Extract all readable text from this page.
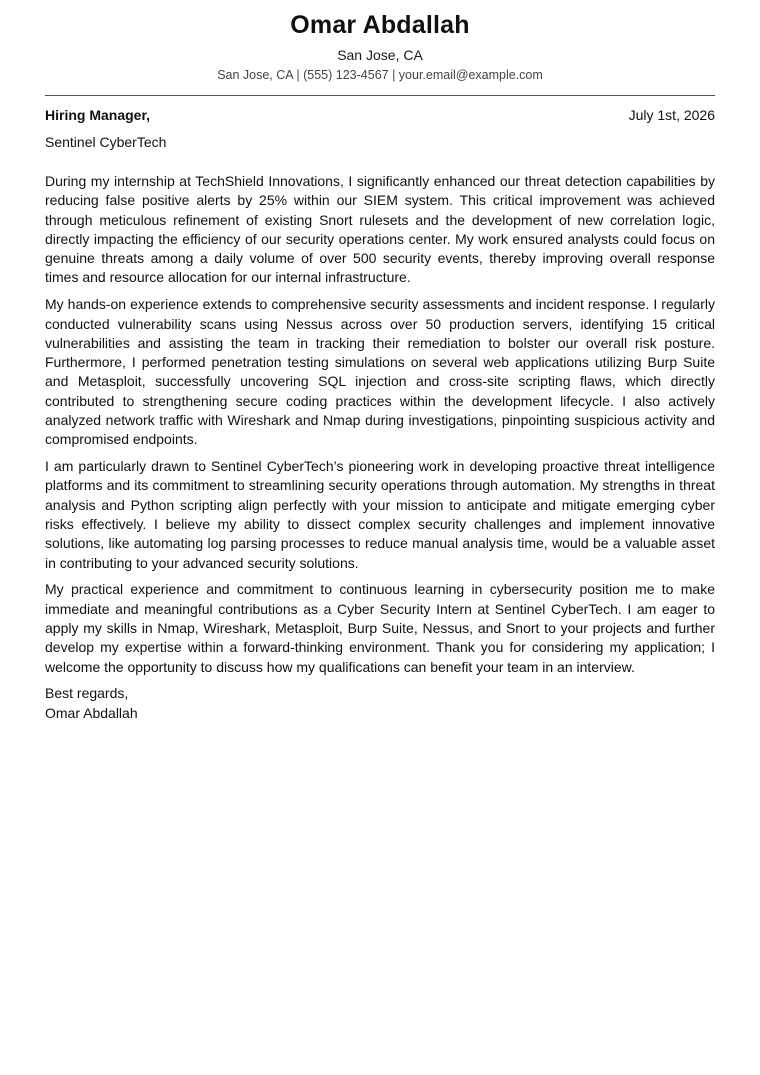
Omar Abdallah
San Jose, CA
San Jose, CA | (555) 123-4567 | your.email@example.com
Hiring Manager,	July 1st, 2026
Sentinel CyberTech

During my internship at TechShield Innovations, I significantly enhanced our threat detection capabilities by reducing false positive alerts by 25% within our SIEM system. This critical improvement was achieved through meticulous refinement of existing Snort rulesets and the development of new correlation logic, directly impacting the efficiency of our security operations center. My work ensured analysts could focus on genuine threats among a daily volume of over 500 security events, thereby improving overall response times and resource allocation for our internal infrastructure.

My hands-on experience extends to comprehensive security assessments and incident response. I regularly conducted vulnerability scans using Nessus across over 50 production servers, identifying 15 critical vulnerabilities and assisting the team in tracking their remediation to bolster our overall risk posture. Furthermore, I performed penetration testing simulations on several web applications utilizing Burp Suite and Metasploit, successfully uncovering SQL injection and cross-site scripting flaws, which directly contributed to strengthening secure coding practices within the development lifecycle. I also actively analyzed network traffic with Wireshark and Nmap during investigations, pinpointing suspicious activity and compromised endpoints.

I am particularly drawn to Sentinel CyberTech’s pioneering work in developing proactive threat intelligence platforms and its commitment to streamlining security operations through automation. My strengths in threat analysis and Python scripting align perfectly with your mission to anticipate and mitigate emerging cyber risks effectively. I believe my ability to dissect complex security challenges and implement innovative solutions, like automating log parsing processes to reduce manual analysis time, would be a valuable asset in contributing to your advanced security solutions.

My practical experience and commitment to continuous learning in cybersecurity position me to make immediate and meaningful contributions as a Cyber Security Intern at Sentinel CyberTech. I am eager to apply my skills in Nmap, Wireshark, Metasploit, Burp Suite, Nessus, and Snort to your projects and further develop my expertise within a forward-thinking environment. Thank you for considering my application; I welcome the opportunity to discuss how my qualifications can benefit your team in an interview.

Best regards,
Omar Abdallah
